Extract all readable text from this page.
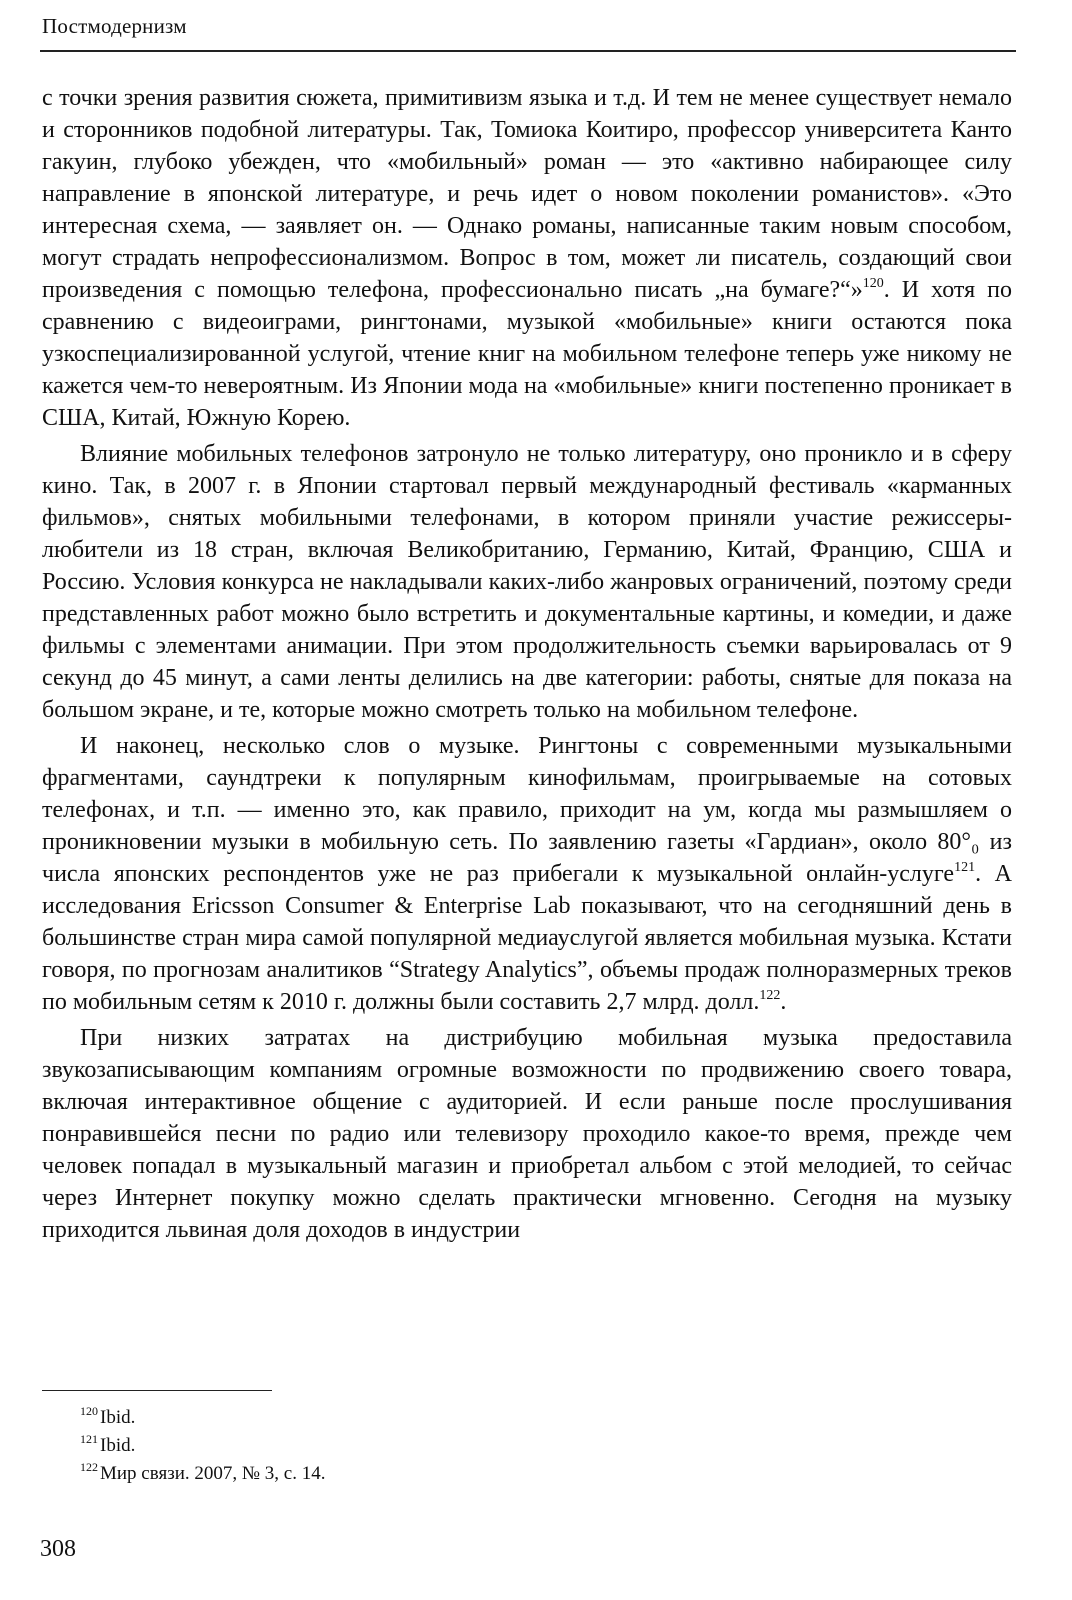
Постмодернизм

с точки зрения развития сюжета, примитивизм языка и т.д. И тем не менее существует немало и сторонников подобной литературы. Так, Томиока Коитиро, профессор университета Канто гакуин, глубоко убежден, что «мобильный» роман — это «активно набирающее силу направление в японской литературе, и речь идет о новом поколении романистов». «Это интересная схема, — заявляет он. — Однако романы, написанные таким новым способом, могут страдать непрофессионализмом. Вопрос в том, может ли писатель, создающий свои произведения с помощью телефона, профессионально писать „на бумаге?“»$^{120}$. И хотя по сравнению с видеоиграми, рингтонами, музыкой «мобильные» книги остаются пока узкоспециализированной услугой, чтение книг на мобильном телефоне теперь уже никому не кажется чем-то невероятным. Из Японии мода на «мобильные» книги постепенно проникает в США, Китай, Южную Корею.

Влияние мобильных телефонов затронуло не только литературу, оно проникло и в сферу кино. Так, в 2007 г. в Японии стартовал первый международный фестиваль «карманных фильмов», снятых мобильными телефонами, в котором приняли участие режиссеры-любители из 18 стран, включая Великобританию, Германию, Китай, Францию, США и Россию. Условия конкурса не накладывали каких-либо жанровых ограничений, поэтому среди представленных работ можно было встретить и документальные картины, и комедии, и даже фильмы с элементами анимации. При этом продолжительность съемки варьировалась от 9 секунд до 45 минут, а сами ленты делились на две категории: работы, снятые для показа на большом экране, и те, которые можно смотреть только на мобильном телефоне.

И наконец, несколько слов о музыке. Рингтоны с современными музыкальными фрагментами, саундтреки к популярным кинофильмам, проигрываемые на сотовых телефонах, и т.п. — именно это, как правило, приходит на ум, когда мы размышляем о проникновении музыки в мобильную сеть. По заявлению газеты «Гардиан», около 80°₀ из числа японских респондентов уже не раз прибегали к музыкальной онлайн-услуге$^{121}$. А исследования Ericsson Consumer & Enterprise Lab показывают, что на сегодняшний день в большинстве стран мира самой популярной медиауслугой является мобильная музыка. Кстати говоря, по прогнозам аналитиков “Strategy Analytics”, объемы продаж полноразмерных треков по мобильным сетям к 2010 г. должны были составить 2,7 млрд. долл.$^{122}$.

При низких затратах на дистрибуцию мобильная музыка предоставила звукозаписывающим компаниям огромные возможности по продвижению своего товара, включая интерактивное общение с аудиторией. И если раньше после прослушивания понравившейся песни по радио или телевизору проходило какое-то время, прежде чем человек попадал в музыкальный магазин и приобретал альбом с этой мелодией, то сейчас через Интернет покупку можно сделать практически мгновенно. Сегодня на музыку приходится львиная доля доходов в индустрии

$^{120}$ Ibid.
$^{121}$ Ibid.
$^{122}$ Мир связи. 2007, № 3, с. 14.
308
